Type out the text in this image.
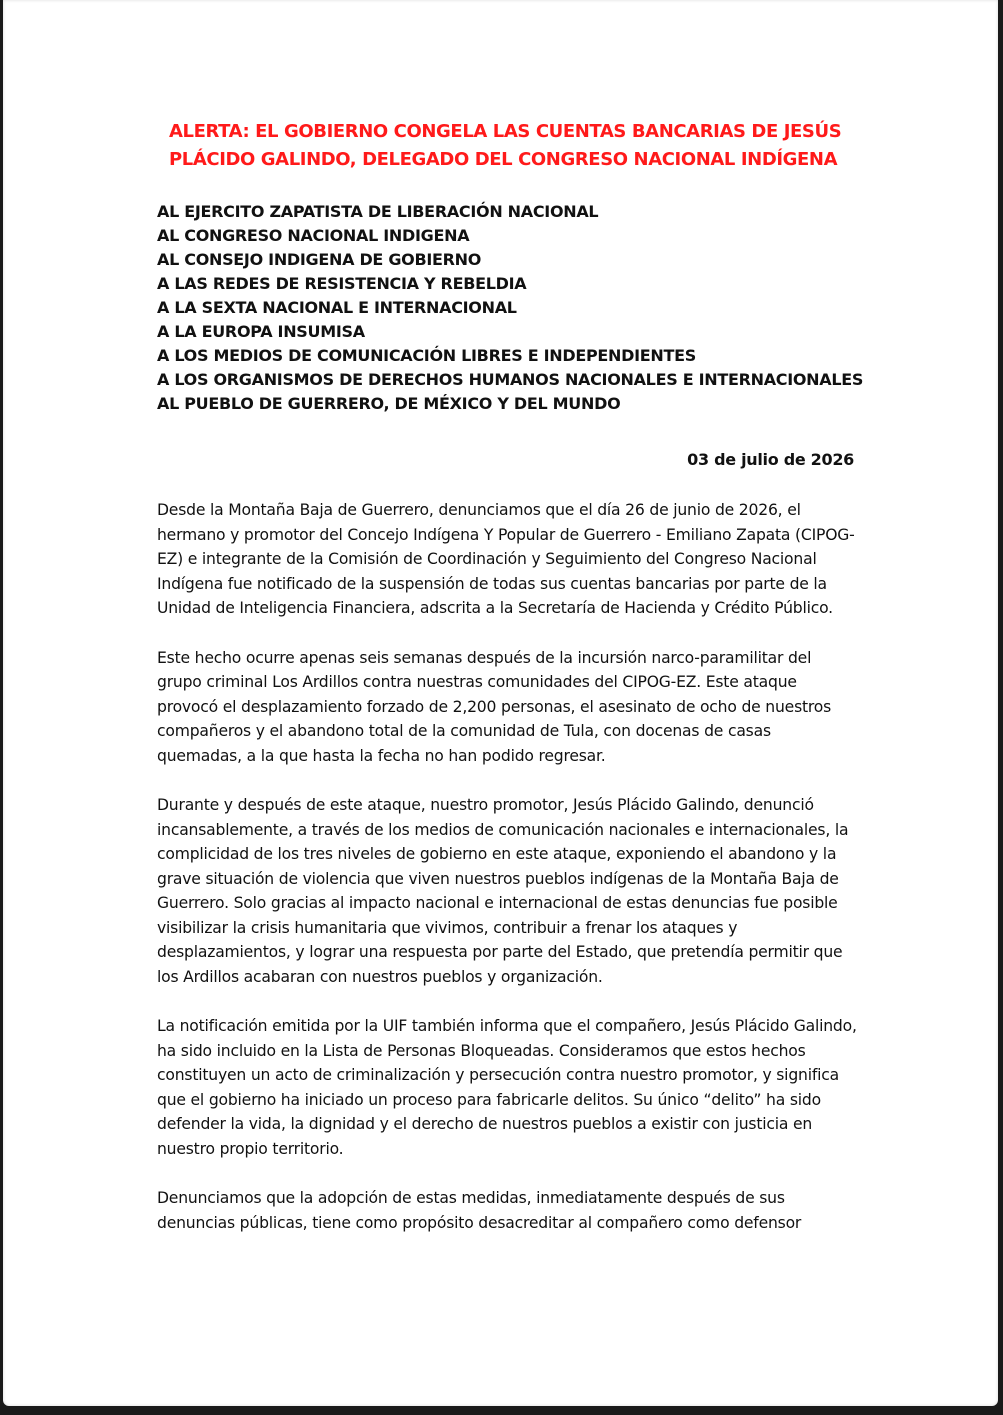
ALERTA: EL GOBIERNO CONGELA LAS CUENTAS BANCARIAS DE JESÚS PLÁCIDO GALINDO, DELEGADO DEL CONGRESO NACIONAL INDÍGENA
AL EJERCITO ZAPATISTA DE LIBERACIÓN NACIONAL
AL CONGRESO NACIONAL INDIGENA
AL CONSEJO INDIGENA DE GOBIERNO
A LAS REDES DE RESISTENCIA Y REBELDIA
A LA SEXTA NACIONAL E INTERNACIONAL
A LA EUROPA INSUMISA
A LOS MEDIOS DE COMUNICACIÓN LIBRES E INDEPENDIENTES
A LOS ORGANISMOS DE DERECHOS HUMANOS NACIONALES E INTERNACIONALES
AL PUEBLO DE GUERRERO, DE MÉXICO Y DEL MUNDO
03 de julio de 2026

Desde la Montaña Baja de Guerrero, denunciamos que el día 26 de junio de 2026, el hermano y promotor del Concejo Indígena Y Popular de Guerrero - Emiliano Zapata (CIPOG-EZ) e integrante de la Comisión de Coordinación y Seguimiento del Congreso Nacional Indígena fue notificado de la suspensión de todas sus cuentas bancarias por parte de la Unidad de Inteligencia Financiera, adscrita a la Secretaría de Hacienda y Crédito Público.

Este hecho ocurre apenas seis semanas después de la incursión narco-paramilitar del grupo criminal Los Ardillos contra nuestras comunidades del CIPOG-EZ. Este ataque provocó el desplazamiento forzado de 2,200 personas, el asesinato de ocho de nuestros compañeros y el abandono total de la comunidad de Tula, con docenas de casas quemadas, a la que hasta la fecha no han podido regresar.

Durante y después de este ataque, nuestro promotor, Jesús Plácido Galindo, denunció incansablemente, a través de los medios de comunicación nacionales e internacionales, la complicidad de los tres niveles de gobierno en este ataque, exponiendo el abandono y la grave situación de violencia que viven nuestros pueblos indígenas de la Montaña Baja de Guerrero. Solo gracias al impacto nacional e internacional de estas denuncias fue posible visibilizar la crisis humanitaria que vivimos, contribuir a frenar los ataques y desplazamientos, y lograr una respuesta por parte del Estado, que pretendía permitir que los Ardillos acabaran con nuestros pueblos y organización.

La notificación emitida por la UIF también informa que el compañero, Jesús Plácido Galindo, ha sido incluido en la Lista de Personas Bloqueadas. Consideramos que estos hechos constituyen un acto de criminalización y persecución contra nuestro promotor, y significa que el gobierno ha iniciado un proceso para fabricarle delitos. Su único “delito” ha sido defender la vida, la dignidad y el derecho de nuestros pueblos a existir con justicia en nuestro propio territorio.

Denunciamos que la adopción de estas medidas, inmediatamente después de sus denuncias públicas, tiene como propósito desacreditar al compañero como defensor
